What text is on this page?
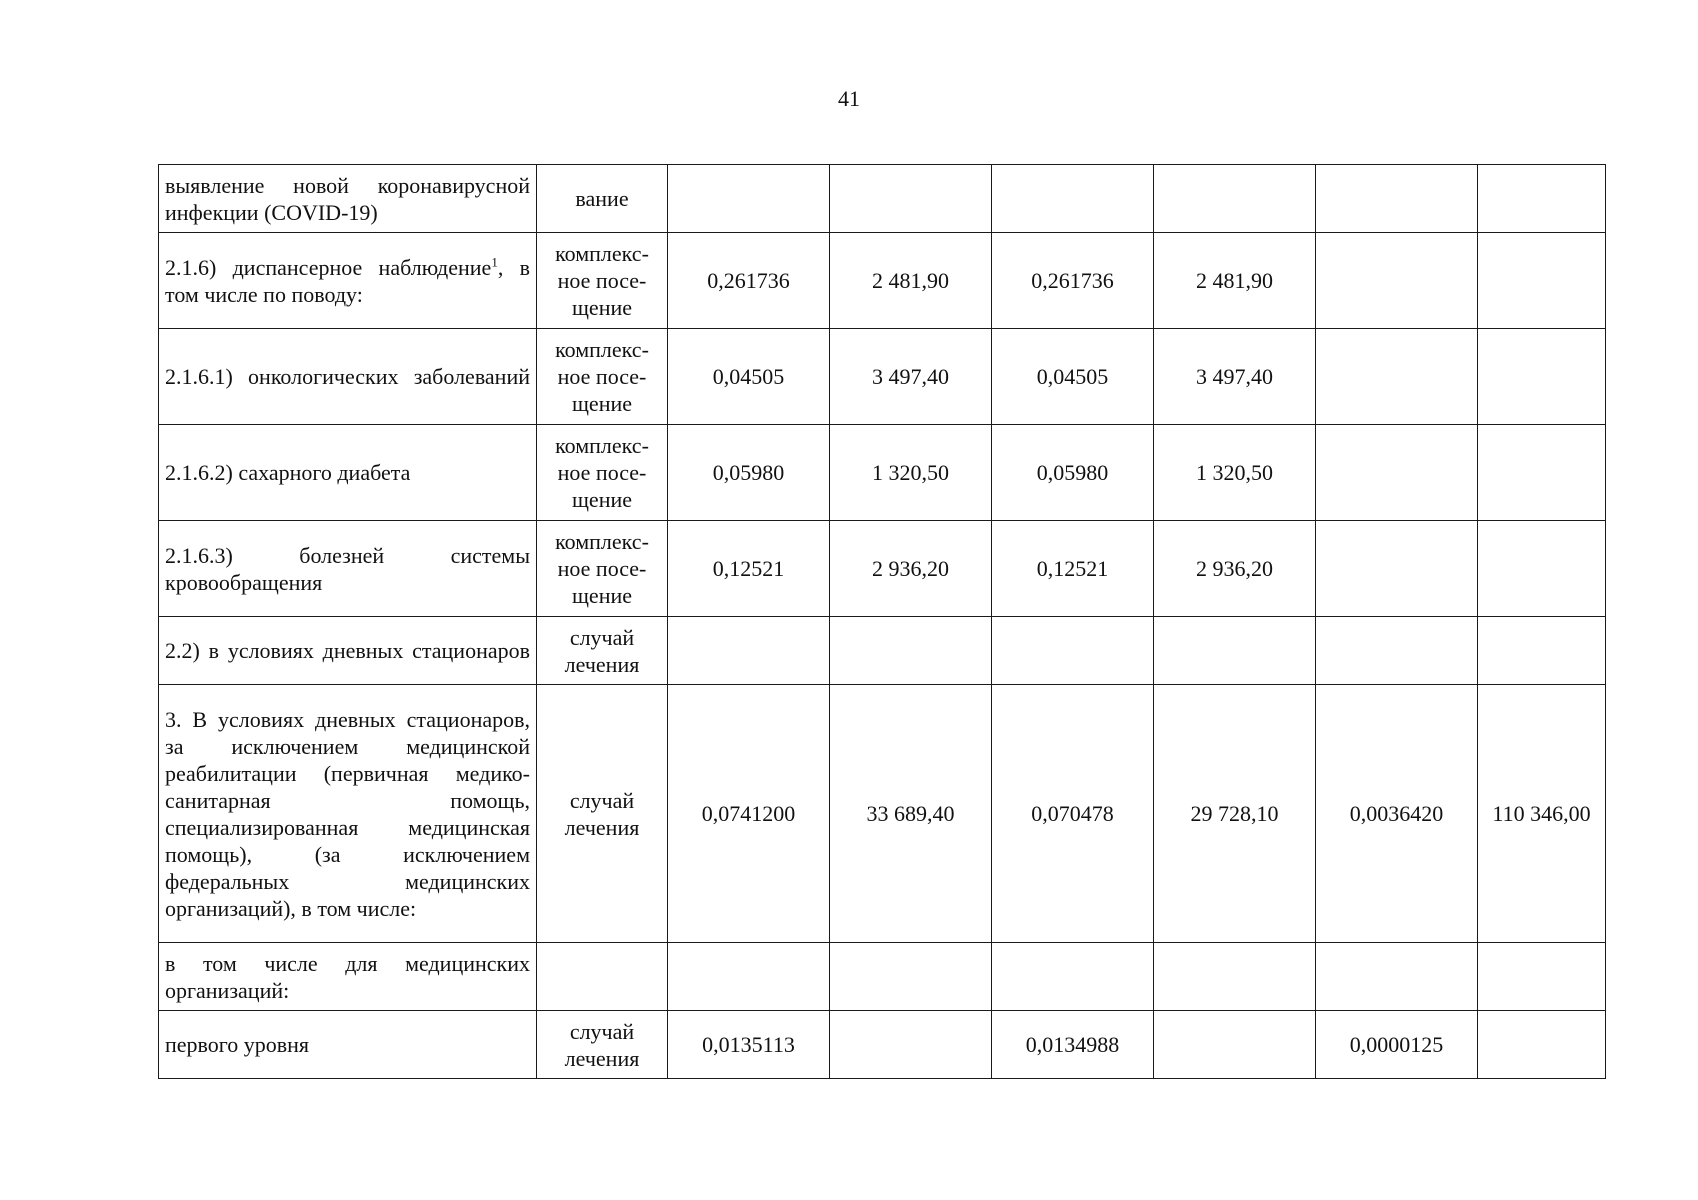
41
выявление новой коронавирусной инфекции (COVID-19)	вание						
2.1.6) диспансерное наблюдение$^1$, в том числе по поводу:	комплекс-ное посе-щение	0,261736	2 481,90	0,261736	2 481,90		
2.1.6.1) онкологических заболеваний	комплекс-ное посе-щение	0,04505	3 497,40	0,04505	3 497,40		
2.1.6.2) сахарного диабета	комплекс-ное посе-щение	0,05980	1 320,50	0,05980	1 320,50		
2.1.6.3) болезней системы кровообращения	комплекс-ное посе-щение	0,12521	2 936,20	0,12521	2 936,20		
2.2) в условиях дневных стационаров	случай лечения						
3. В условиях дневных стационаров, за исключением медицинской реабилитации (первичная медико-санитарная помощь, специализированная медицинская помощь), (за исключением федеральных медицинских организаций), в том числе:	случай лечения	0,0741200	33 689,40	0,070478	29 728,10	0,0036420	110 346,00
в том числе для медицинских организаций:							
первого уровня	случай лечения	0,0135113		0,0134988		0,0000125	
